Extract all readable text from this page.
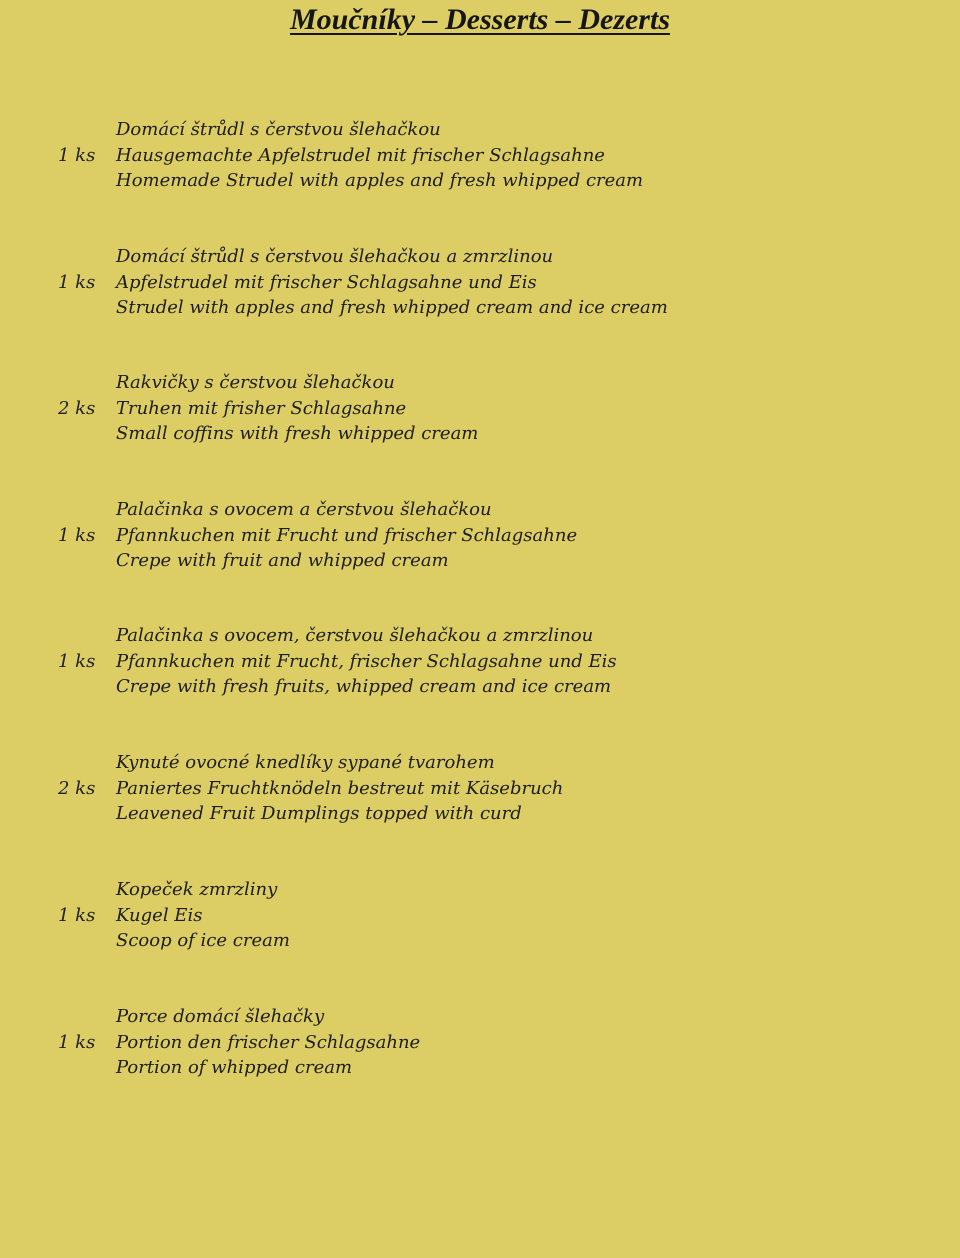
Moučníky – Desserts – Dezerts
1 ks
Domácí štrůdl s čerstvou šlehačkou
Hausgemachte Apfelstrudel mit frischer Schlagsahne
Homemade Strudel with apples and fresh whipped cream
1 ks
Domácí štrůdl s čerstvou šlehačkou a zmrzlinou
Apfelstrudel mit frischer Schlagsahne und Eis
Strudel with apples and fresh whipped cream and ice cream
2 ks
Rakvičky s čerstvou šlehačkou
Truhen mit frisher Schlagsahne
Small coffins with fresh whipped cream
1 ks
Palačinka s ovocem a čerstvou šlehačkou
Pfannkuchen mit Frucht und frischer Schlagsahne
Crepe with fruit and whipped cream
1 ks
Palačinka s ovocem, čerstvou šlehačkou a zmrzlinou
Pfannkuchen mit Frucht, frischer Schlagsahne und Eis
Crepe with fresh fruits, whipped cream and ice cream
2 ks
Kynuté ovocné knedlíky sypané tvarohem
Paniertes Fruchtknödeln bestreut mit Käsebruch
Leavened Fruit Dumplings topped with curd
1 ks
Kopeček zmrzliny
Kugel Eis
Scoop of ice cream
1 ks
Porce domácí šlehačky
Portion den frischer Schlagsahne
Portion of whipped cream
